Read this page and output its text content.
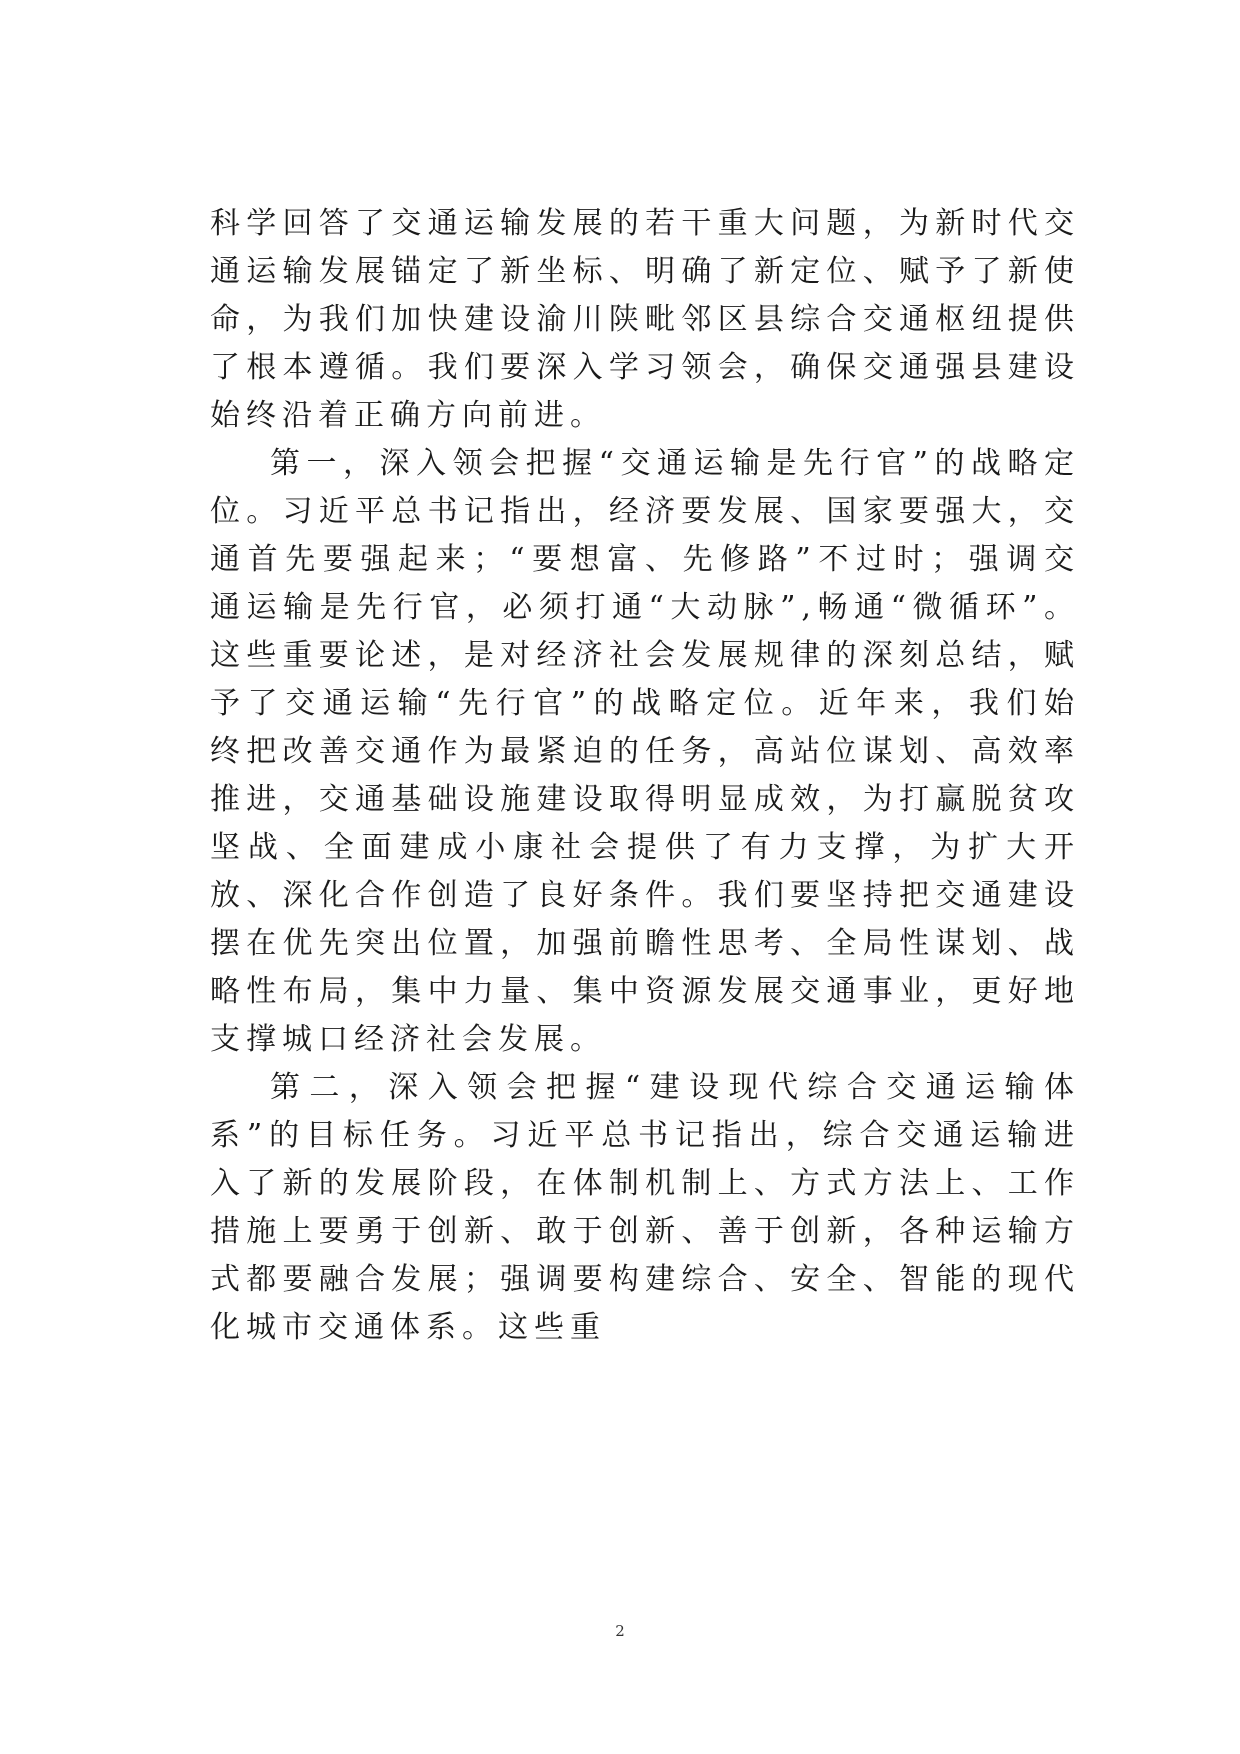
科学回答了交通运输发展的若干重大问题，为新时代交通运输发展锚定了新坐标、明确了新定位、赋予了新使命，为我们加快建设渝川陕毗邻区县综合交通枢纽提供了根本遵循。我们要深入学习领会，确保交通强县建设始终沿着正确方向前进。

第一，深入领会把握“交通运输是先行官”的战略定位。习近平总书记指出，经济要发展、国家要强大，交通首先要强起来；“要想富、先修路”不过时；强调交通运输是先行官，必须打通“大动脉”,畅通“微循环”。这些重要论述，是对经济社会发展规律的深刻总结，赋予了交通运输“先行官”的战略定位。近年来，我们始终把改善交通作为最紧迫的任务，高站位谋划、高效率推进，交通基础设施建设取得明显成效，为打赢脱贫攻坚战、全面建成小康社会提供了有力支撑，为扩大开放、深化合作创造了良好条件。我们要坚持把交通建设摆在优先突出位置，加强前瞻性思考、全局性谋划、战略性布局，集中力量、集中资源发展交通事业，更好地支撑城口经济社会发展。

第二，深入领会把握“建设现代综合交通运输体系”的目标任务。习近平总书记指出，综合交通运输进入了新的发展阶段，在体制机制上、方式方法上、工作措施上要勇于创新、敢于创新、善于创新，各种运输方式都要融合发展；强调要构建综合、安全、智能的现代化城市交通体系。这些重

2
